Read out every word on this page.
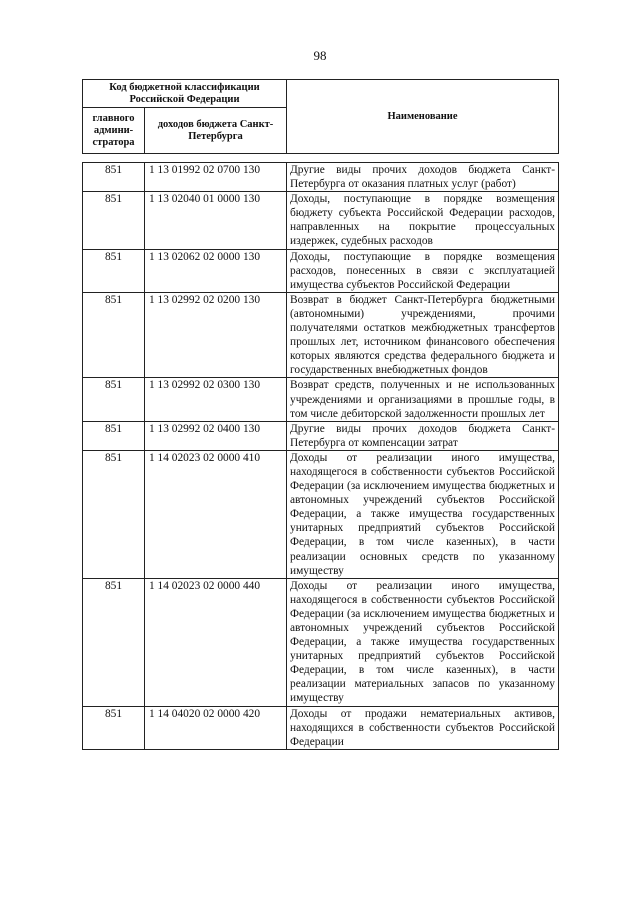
98
Код бюджетной классификации Российской Федерации		Наименование
главного админи-стратора	доходов бюджета Санкт-Петербурга	
851	1 13 01992 02 0700 130	Другие виды прочих доходов бюджета Санкт-Петербурга от оказания платных услуг (работ)
851	1 13 02040 01 0000 130	Доходы, поступающие в порядке возмещения бюджету субъекта Российской Федерации расходов, направленных на покрытие процессуальных издержек, судебных расходов
851	1 13 02062 02 0000 130	Доходы, поступающие в порядке возмещения расходов, понесенных в связи с эксплуатацией имущества субъектов Российской Федерации
851	1 13 02992 02 0200 130	Возврат в бюджет Санкт-Петербурга бюджетными (автономными) учреждениями, прочими получателями остатков межбюджетных трансфертов прошлых лет, источником финансового обеспечения которых являются средства федерального бюджета и государственных внебюджетных фондов
851	1 13 02992 02 0300 130	Возврат средств, полученных и не использованных учреждениями и организациями в прошлые годы, в том числе дебиторской задолженности прошлых лет
851	1 13 02992 02 0400 130	Другие виды прочих доходов бюджета Санкт-Петербурга от компенсации затрат
851	1 14 02023 02 0000 410	Доходы от реализации иного имущества, находящегося в собственности субъектов Российской Федерации (за исключением имущества бюджетных и автономных учреждений субъектов Российской Федерации, а также имущества государственных унитарных предприятий субъектов Российской Федерации, в том числе казенных), в части реализации основных средств по указанному имуществу
851	1 14 02023 02 0000 440	Доходы от реализации иного имущества, находящегося в собственности субъектов Российской Федерации (за исключением имущества бюджетных и автономных учреждений субъектов Российской Федерации, а также имущества государственных унитарных предприятий субъектов Российской Федерации, в том числе казенных), в части реализации материальных запасов по указанному имуществу
851	1 14 04020 02 0000 420	Доходы от продажи нематериальных активов, находящихся в собственности субъектов Российской Федерации
